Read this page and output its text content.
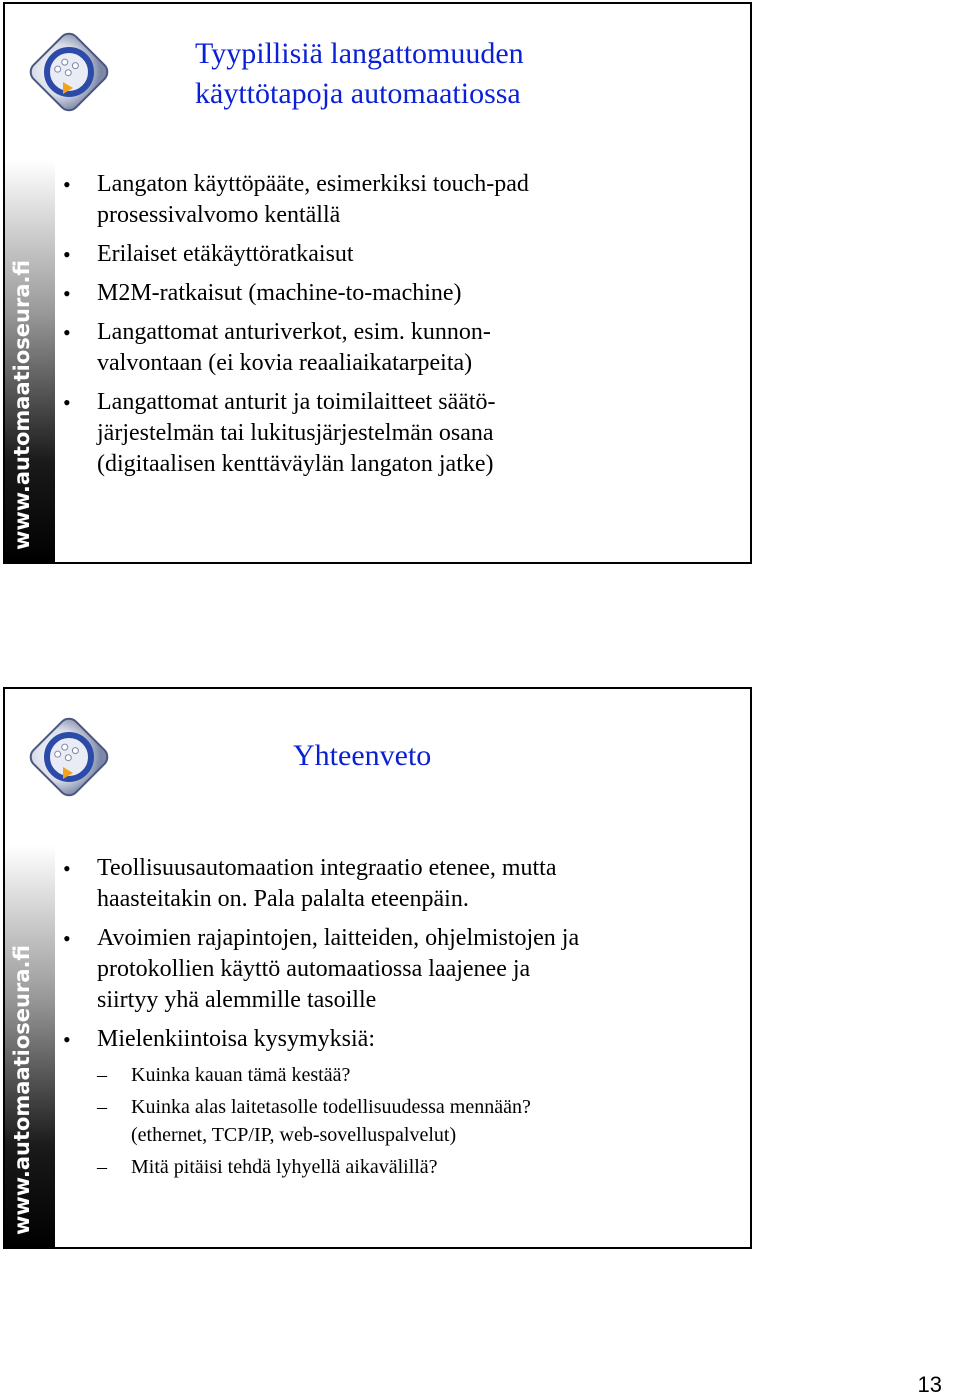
www.automaatioseura.fi
Tyypillisiä langattomuuden
käyttötapoja automaatiossa
• Langaton käyttöpääte, esimerkiksi touch-pad
prosessivalvomo kentällä
• Erilaiset etäkäyttöratkaisut
• M2M-ratkaisut (machine-to-machine)
• Langattomat anturiverkot, esim. kunnon-
valvontaan (ei kovia reaaliaikatarpeita)
• Langattomat anturit ja toimilaitteet säätö-
järjestelmän tai lukitusjärjestelmän osana
(digitaalisen kenttäväylän langaton jatke)
www.automaatioseura.fi
Yhteenveto
• Teollisuusautomaation integraatio etenee, mutta
haasteitakin on. Pala palalta eteenpäin.
• Avoimien rajapintojen, laitteiden, ohjelmistojen ja
protokollien käyttö automaatiossa laajenee ja
siirtyy yhä alemmille tasoille
• Mielenkiintoisa kysymyksiä:
– Kuinka kauan tämä kestää?
– Kuinka alas laitetasolle todellisuudessa mennään?
(ethernet, TCP/IP, web-sovelluspalvelut)
– Mitä pitäisi tehdä lyhyellä aikavälillä?
13
